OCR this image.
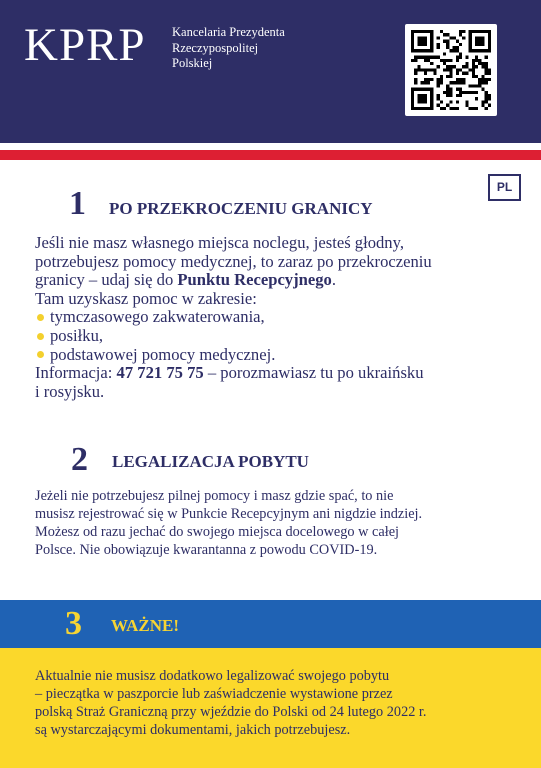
KPRP Kancelaria Prezydenta
Rzeczypospolitej
Polskiej
PL
1 PO PRZEKROCZENIU GRANICY
Jeśli nie masz własnego miejsca noclegu, jesteś głodny,
potrzebujesz pomocy medycznej, to zaraz po przekroczeniu
granicy – udaj się do Punktu Recepcyjnego.
Tam uzyskasz pomoc w zakresie:
tymczasowego zakwaterowania,
posiłku,
podstawowej pomocy medycznej.
Informacja: 47 721 75 75 – porozmawiasz tu po ukraińsku
i rosyjsku.
2 LEGALIZACJA POBYTU
Jeżeli nie potrzebujesz pilnej pomocy i masz gdzie spać, to nie
musisz rejestrować się w Punkcie Recepcyjnym ani nigdzie indziej.
Możesz od razu jechać do swojego miejsca docelowego w całej
Polsce. Nie obowiązuje kwarantanna z powodu COVID-19.
3 WAŻNE!
Aktualnie nie musisz dodatkowo legalizować swojego pobytu
– pieczątka w paszporcie lub zaświadczenie wystawione przez
polską Straż Graniczną przy wjeździe do Polski od 24 lutego 2022 r.
są wystarczającymi dokumentami, jakich potrzebujesz.
